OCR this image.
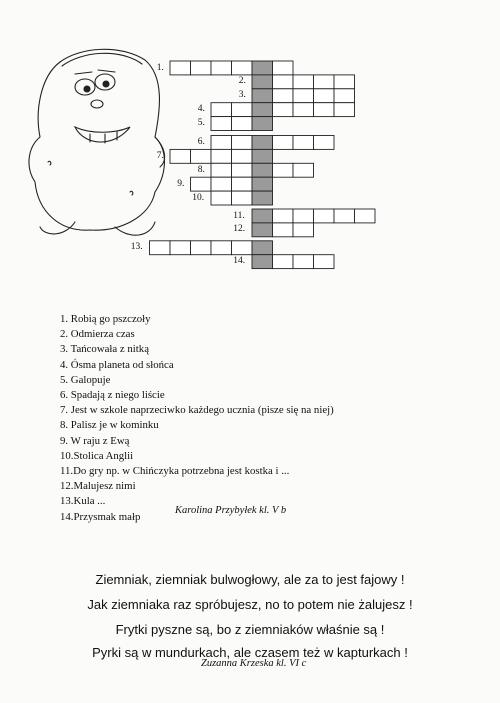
1.
2.
3.
4.
5.
6.
7.
8.
9.
10.
11.
12.
13.
14.
1. Robią go pszczoły
2. Odmierza czas
3. Tańcowała z nitką
4. Ósma planeta od słońca
5. Galopuje
6. Spadają z niego liście
7. Jest w szkole naprzeciwko każdego ucznia (pisze się na niej)
8. Palisz je w kominku
9. W raju z Ewą
10.Stolica Anglii
11.Do gry np. w Chińczyka potrzebna jest kostka i ...
12.Malujesz nimi
13.Kula ...
14.Przysmak małp
Karolina Przybyłek kl. V b
Ziemniak, ziemniak bulwogłowy, ale za to jest fajowy !
Jak ziemniaka raz spróbujesz, no to potem nie żalujesz !
Frytki pyszne są, bo z ziemniaków właśnie są !
Pyrki są w mundurkach, ale czasem też w kapturkach !
Zuzanna Krzeska kl. VI c
